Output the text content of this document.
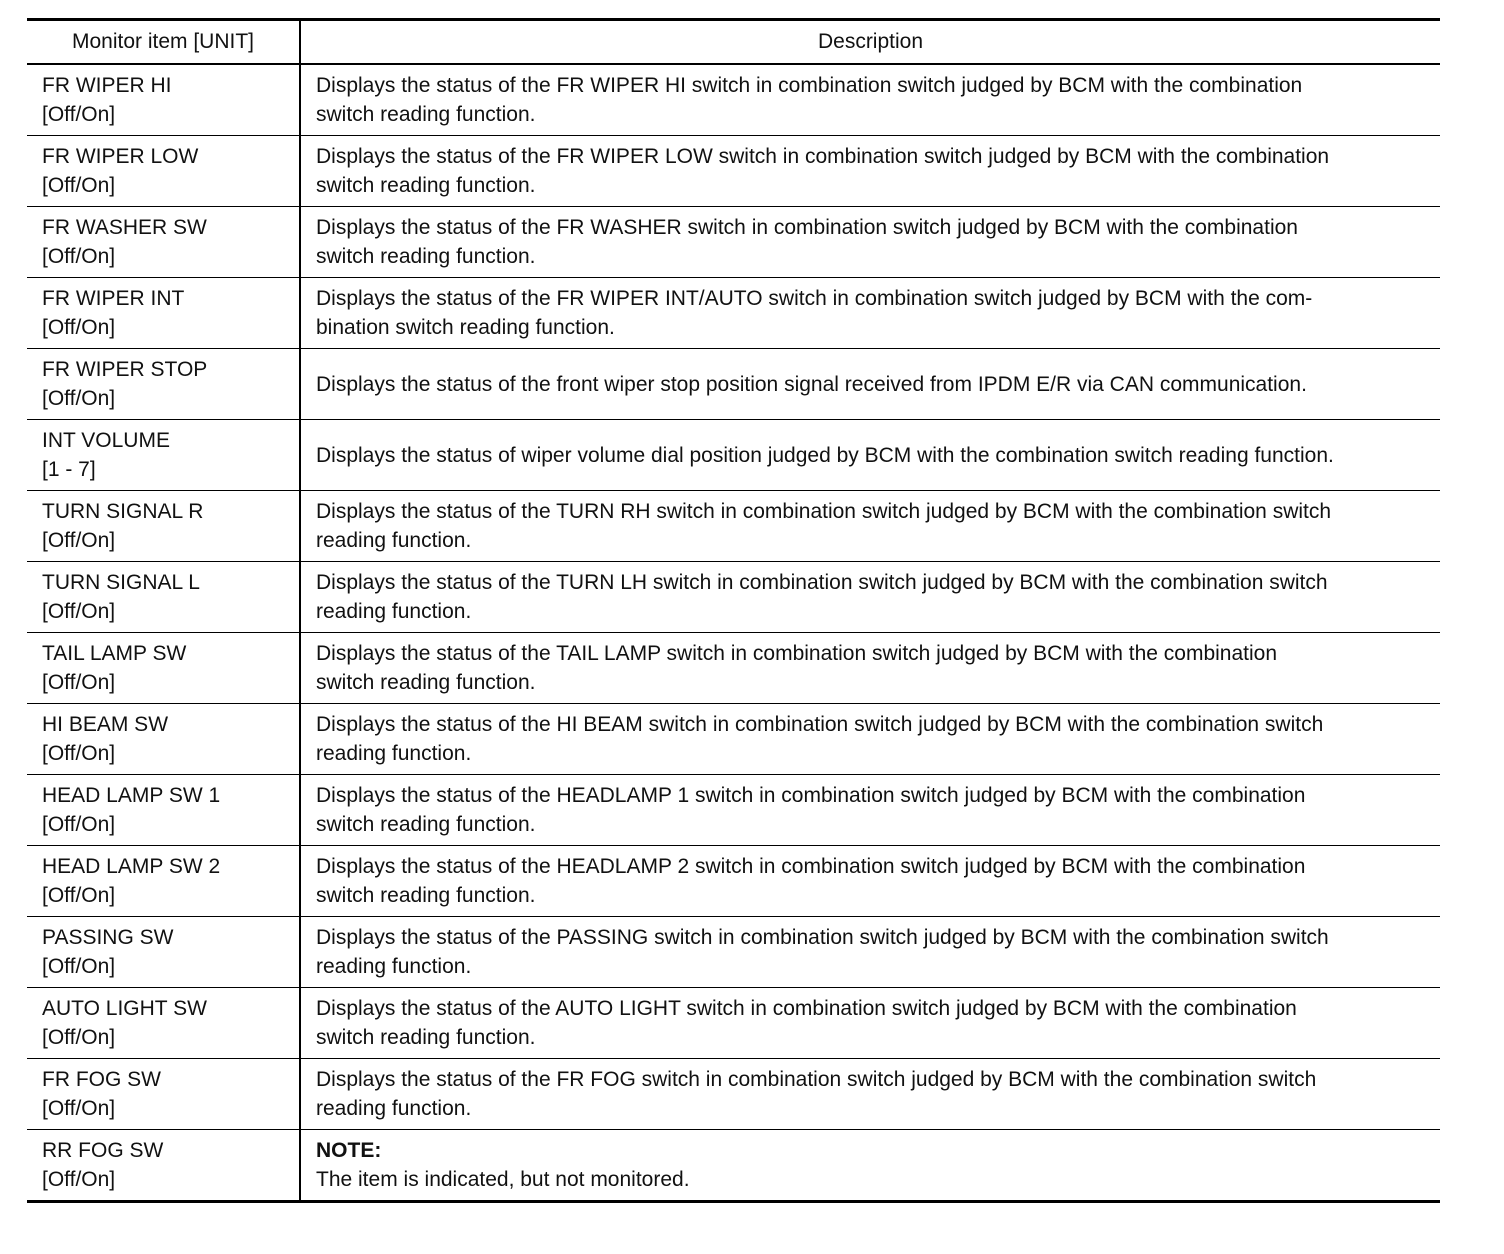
Monitor item [UNIT]	Description

FR WIPER HI
[Off/On]	Displays the status of the FR WIPER HI switch in combination switch judged by BCM with the combination
switch reading function.

FR WIPER LOW
[Off/On]	Displays the status of the FR WIPER LOW switch in combination switch judged by BCM with the combination
switch reading function.

FR WASHER SW
[Off/On]	Displays the status of the FR WASHER switch in combination switch judged by BCM with the combination
switch reading function.

FR WIPER INT
[Off/On]	Displays the status of the FR WIPER INT/AUTO switch in combination switch judged by BCM with the com-
bination switch reading function.

FR WIPER STOP
[Off/On]	Displays the status of the front wiper stop position signal received from IPDM E/R via CAN communication.

INT VOLUME
[1 - 7]	Displays the status of wiper volume dial position judged by BCM with the combination switch reading function.

TURN SIGNAL R
[Off/On]	Displays the status of the TURN RH switch in combination switch judged by BCM with the combination switch
reading function.

TURN SIGNAL L
[Off/On]	Displays the status of the TURN LH switch in combination switch judged by BCM with the combination switch
reading function.

TAIL LAMP SW
[Off/On]	Displays the status of the TAIL LAMP switch in combination switch judged by BCM with the combination
switch reading function.

HI BEAM SW
[Off/On]	Displays the status of the HI BEAM switch in combination switch judged by BCM with the combination switch
reading function.

HEAD LAMP SW 1
[Off/On]	Displays the status of the HEADLAMP 1 switch in combination switch judged by BCM with the combination
switch reading function.

HEAD LAMP SW 2
[Off/On]	Displays the status of the HEADLAMP 2 switch in combination switch judged by BCM with the combination
switch reading function.

PASSING SW
[Off/On]	Displays the status of the PASSING switch in combination switch judged by BCM with the combination switch
reading function.

AUTO LIGHT SW
[Off/On]	Displays the status of the AUTO LIGHT switch in combination switch judged by BCM with the combination
switch reading function.

FR FOG SW
[Off/On]	Displays the status of the FR FOG switch in combination switch judged by BCM with the combination switch
reading function.

RR FOG SW
[Off/On]	NOTE:
The item is indicated, but not monitored.
